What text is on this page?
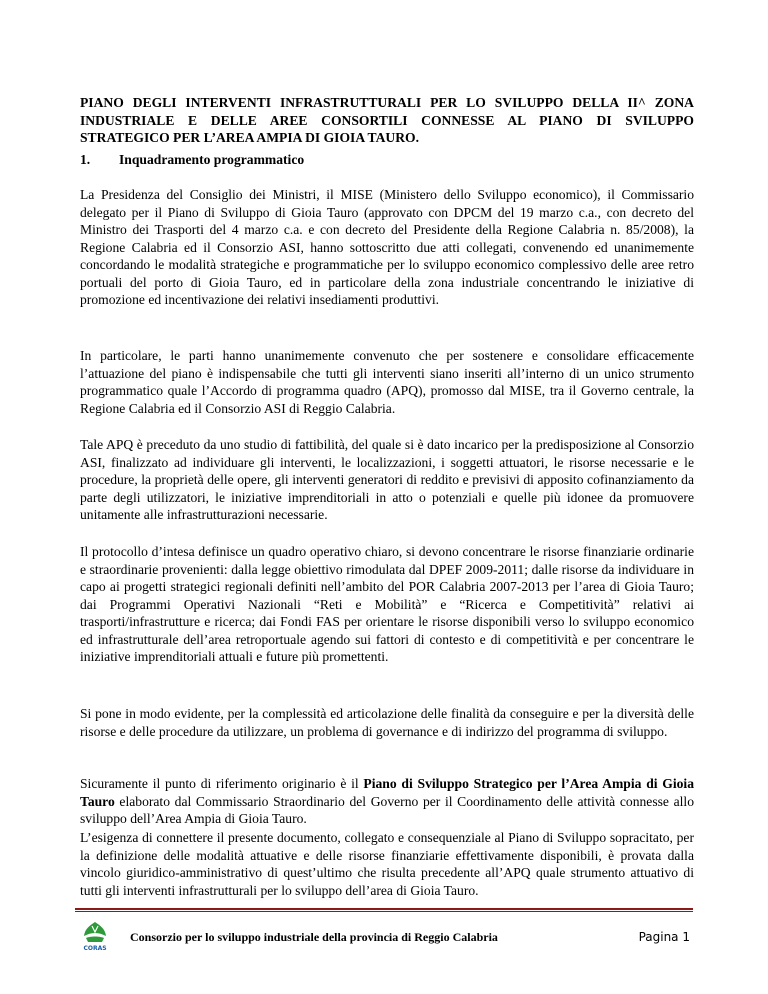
PIANO DEGLI INTERVENTI INFRASTRUTTURALI PER LO SVILUPPO DELLA II^ ZONA INDUSTRIALE E DELLE AREE CONSORTILI CONNESSE AL PIANO DI SVILUPPO STRATEGICO PER L’AREA AMPIA DI GIOIA TAURO.

1. Inquadramento programmatico

La Presidenza del Consiglio dei Ministri, il MISE (Ministero dello Sviluppo economico), il Commissario delegato per il Piano di Sviluppo di Gioia Tauro (approvato con DPCM del 19 marzo c.a., con decreto del Ministro dei Trasporti del 4 marzo c.a. e con decreto del Presidente della Regione Calabria n. 85/2008), la Regione Calabria ed il Consorzio ASI, hanno sottoscritto due atti collegati, convenendo ed unanimemente concordando le modalità strategiche e programmatiche per lo sviluppo economico complessivo delle aree retro portuali del porto di Gioia Tauro, ed in particolare della zona industriale concentrando le iniziative di promozione ed incentivazione dei relativi insediamenti produttivi.

In particolare, le parti hanno unanimemente convenuto che per sostenere e consolidare efficacemente l’attuazione del piano è indispensabile che tutti gli interventi siano inseriti all’interno di un unico strumento programmatico quale l’Accordo di programma quadro (APQ), promosso dal MISE, tra il Governo centrale, la Regione Calabria ed il Consorzio ASI di Reggio Calabria.

Tale APQ è preceduto da uno studio di fattibilità, del quale si è dato incarico per la predisposizione al Consorzio ASI, finalizzato ad individuare gli interventi, le localizzazioni, i soggetti attuatori, le risorse necessarie e le procedure, la proprietà delle opere, gli interventi generatori di reddito e previsivi di apposito cofinanziamento da parte degli utilizzatori, le iniziative imprenditoriali in atto o potenziali e quelle più idonee da promuovere unitamente alle infrastrutturazioni necessarie.

Il protocollo d’intesa definisce un quadro operativo chiaro, si devono concentrare le risorse finanziarie ordinarie e straordinarie provenienti: dalla legge obiettivo rimodulata dal DPEF 2009-2011; dalle risorse da individuare in capo ai progetti strategici regionali definiti nell’ambito del POR Calabria 2007-2013 per l’area di Gioia Tauro; dai Programmi Operativi Nazionali “Reti e Mobilità” e “Ricerca e Competitività” relativi ai trasporti/infrastrutture e ricerca; dai Fondi FAS per orientare le risorse disponibili verso lo sviluppo economico ed infrastrutturale dell’area retroportuale agendo sui fattori di contesto e di competitività e per concentrare le iniziative imprenditoriali attuali e future più promettenti.

Si pone in modo evidente, per la complessità ed articolazione delle finalità da conseguire e per la diversità delle risorse e delle procedure da utilizzare, un problema di governance e di indirizzo del programma di sviluppo.

Sicuramente il punto di riferimento originario è il Piano di Sviluppo Strategico per l’Area Ampia di Gioia Tauro elaborato dal Commissario Straordinario del Governo per il Coordinamento delle attività connesse allo sviluppo dell’Area Ampia di Gioia Tauro.

L’esigenza di connettere il presente documento, collegato e consequenziale al Piano di Sviluppo sopracitato, per la definizione delle modalità attuative e delle risorse finanziarie effettivamente disponibili, è provata dalla vincolo giuridico-amministrativo di quest’ultimo che risulta precedente all’APQ quale strumento attuativo di tutti gli interventi infrastrutturali per lo sviluppo dell’area di Gioia Tauro.

CORAS
Consorzio per lo sviluppo industriale della provincia di Reggio Calabria	Pagina 1
